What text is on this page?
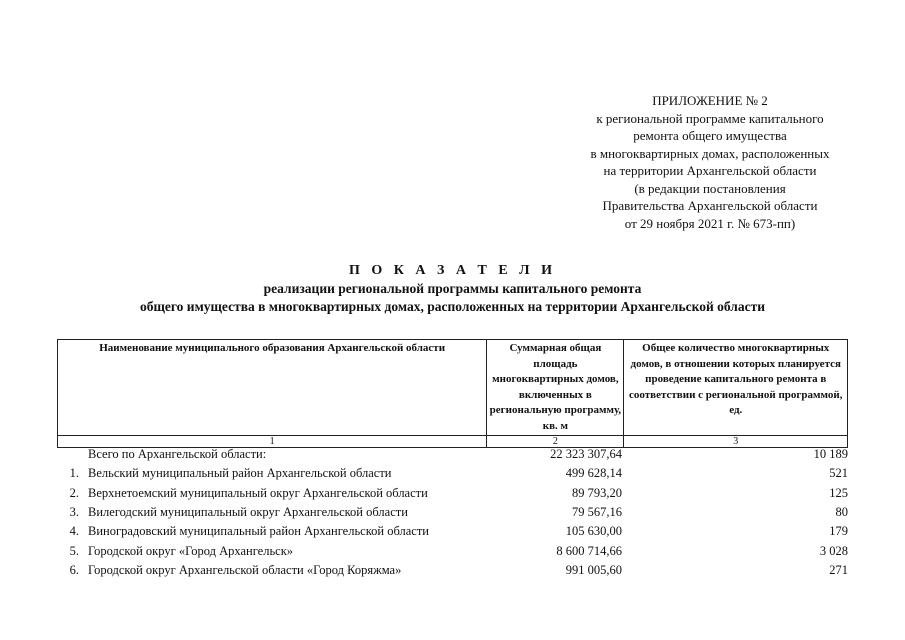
ПРИЛОЖЕНИЕ № 2
к региональной программе капитального
ремонта общего имущества
в многоквартирных домах, расположенных
на территории Архангельской области
(в редакции постановления
Правительства Архангельской области
от 29 ноября 2021 г. № 673-пп)
П О К А З А Т Е Л И
реализации региональной программы капитального ремонта
общего имущества в многоквартирных домах, расположенных на территории Архангельской области
Наименование муниципального образования Архангельской области	Суммарная общая площадь многоквартирных домов, включенных в региональную программу, кв. м	Общее количество многоквартирных домов, в отношении которых планируется проведение капитального ремонта в соответствии с региональной программой, ед.
1	2	3
Всего по Архангельской области:	22 323 307,64	10 189
1. Вельский муниципальный район Архангельской области	499 628,14	521
2. Верхнетоемский муниципальный округ Архангельской области	89 793,20	125
3. Вилегодский муниципальный округ Архангельской области	79 567,16	80
4. Виноградовский муниципальный район Архангельской области	105 630,00	179
5. Городской округ «Город Архангельск»	8 600 714,66	3 028
6. Городской округ Архангельской области «Город Коряжма»	991 005,60	271
